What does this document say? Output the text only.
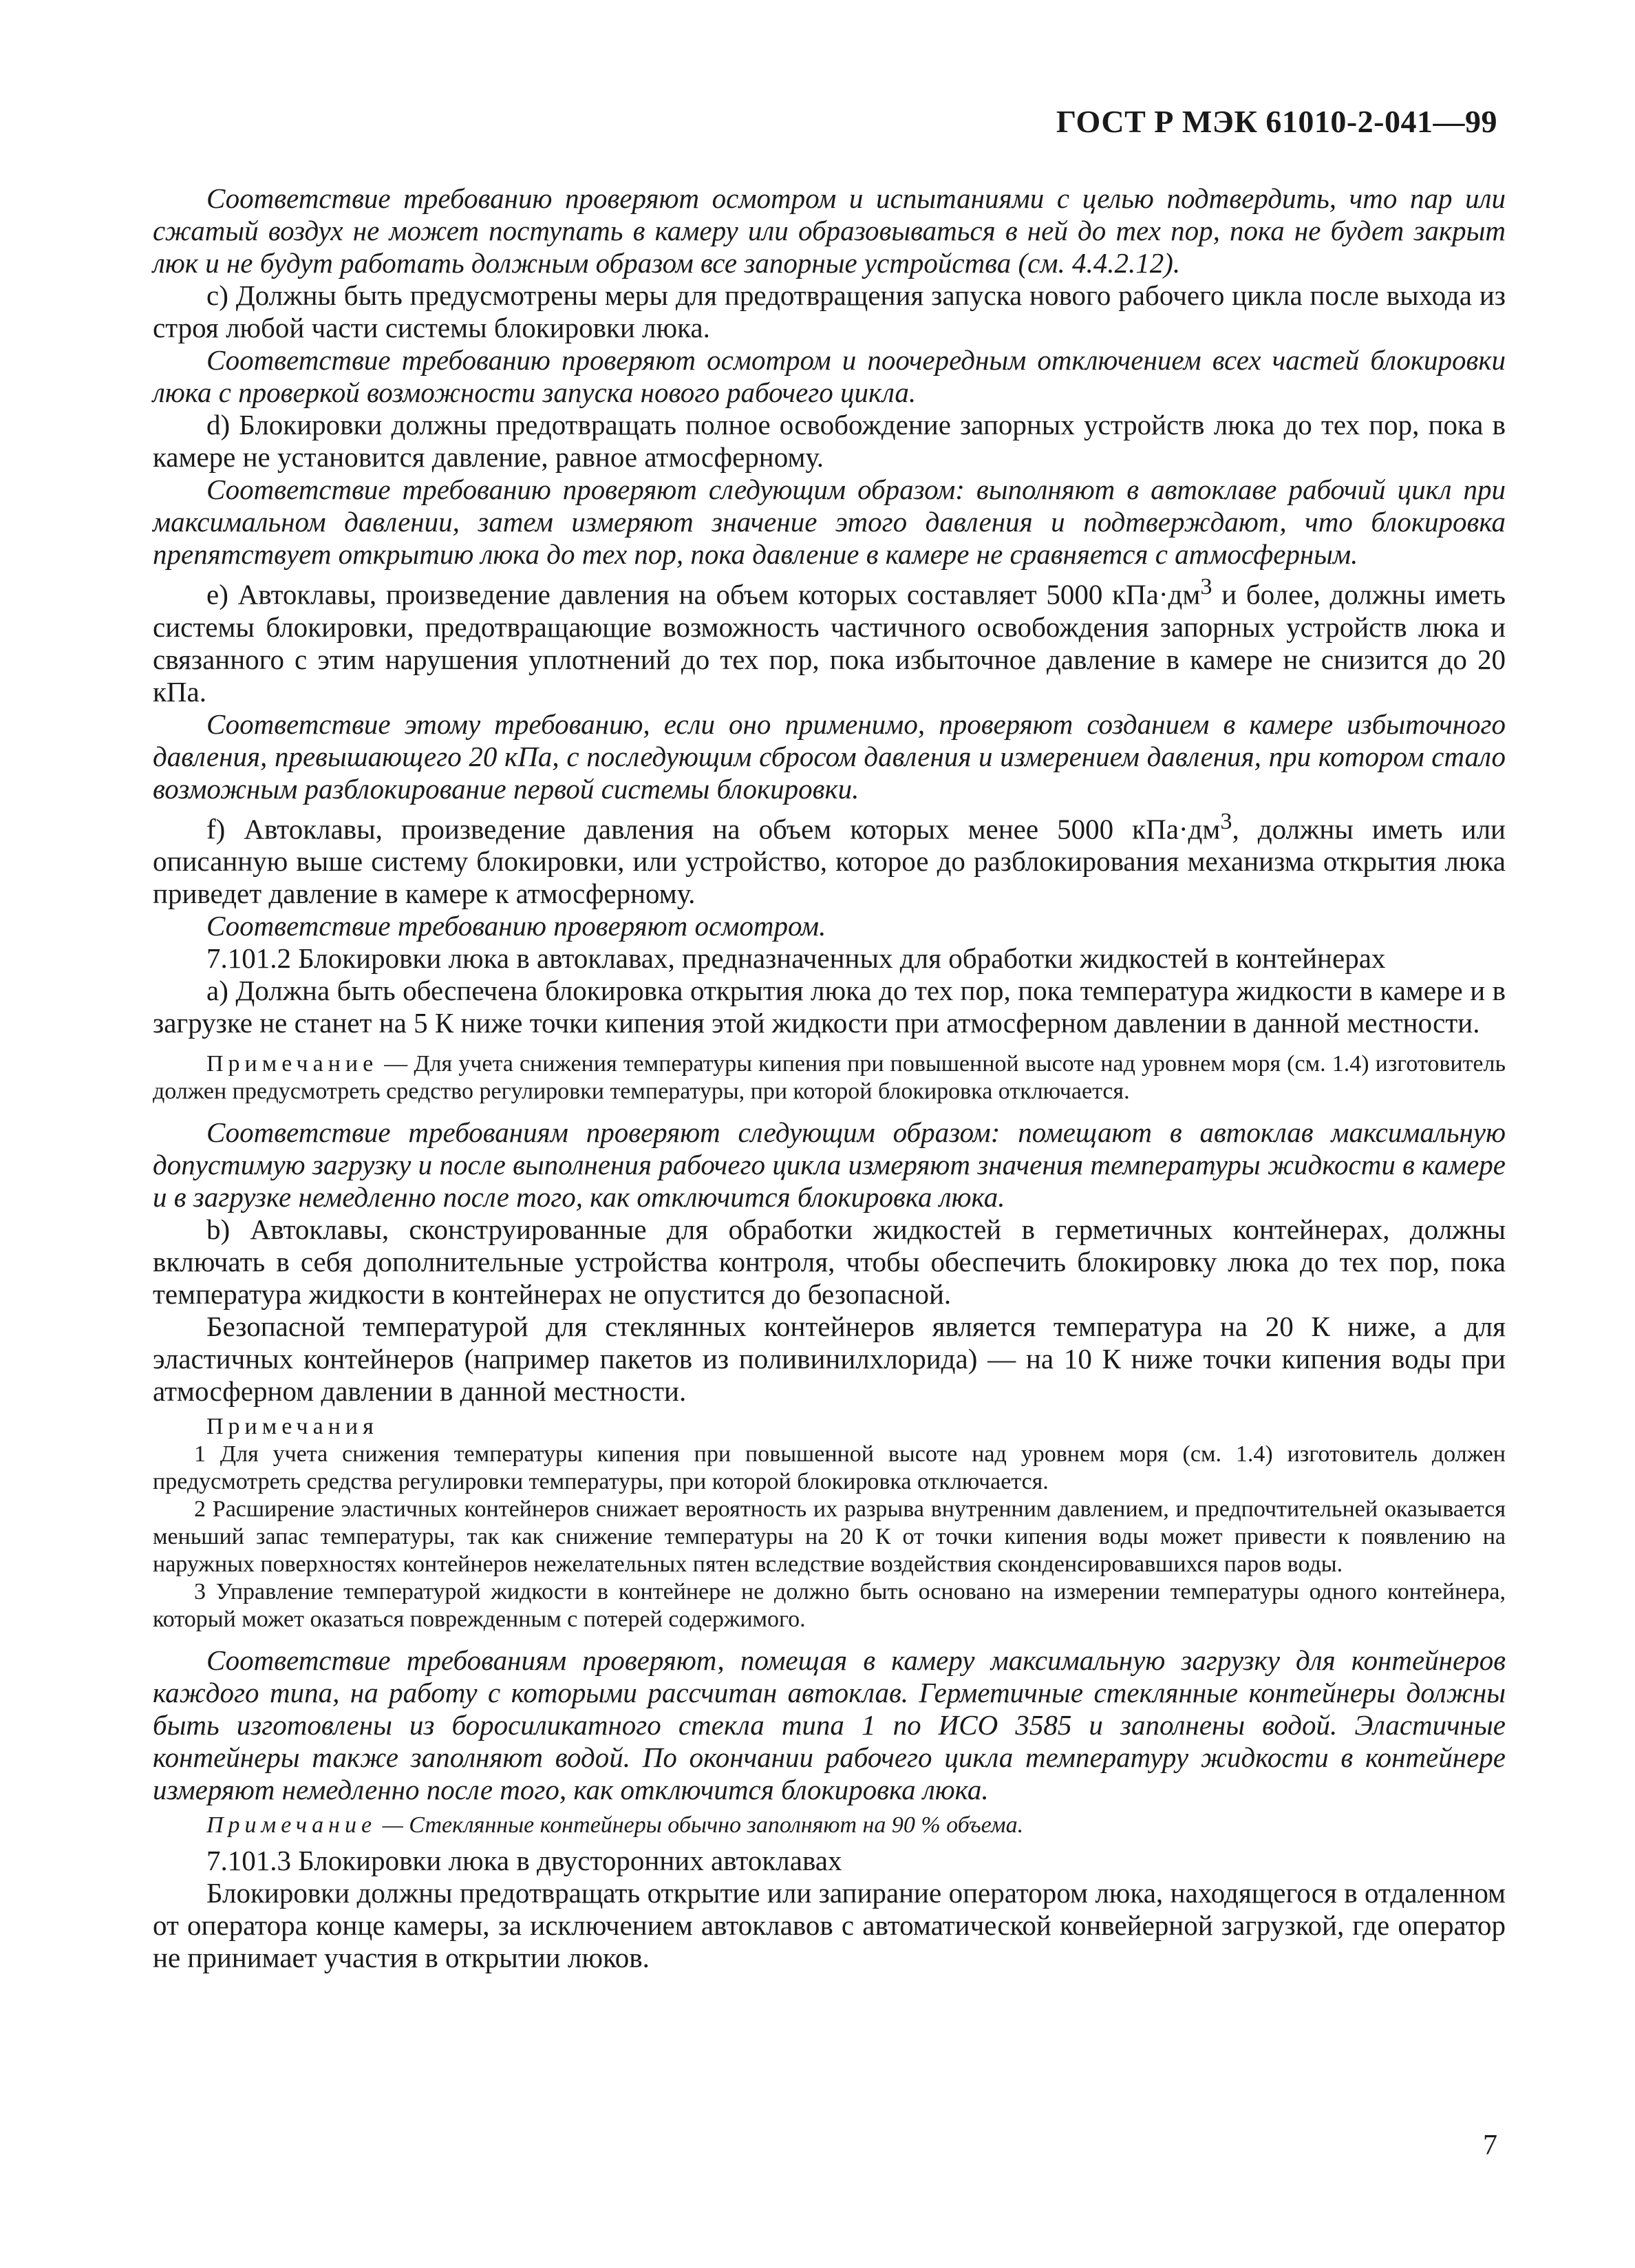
ГОСТ Р МЭК 61010-2-041—99

Соответствие требованию проверяют осмотром и испытаниями с целью подтвердить, что пар или сжатый воздух не может поступать в камеру или образовываться в ней до тех пор, пока не будет закрыт люк и не будут работать должным образом все запорные устройства (см. 4.4.2.12).

c) Должны быть предусмотрены меры для предотвращения запуска нового рабочего цикла после выхода из строя любой части системы блокировки люка.

Соответствие требованию проверяют осмотром и поочередным отключением всех частей блокировки люка с проверкой возможности запуска нового рабочего цикла.

d) Блокировки должны предотвращать полное освобождение запорных устройств люка до тех пор, пока в камере не установится давление, равное атмосферному.

Соответствие требованию проверяют следующим образом: выполняют в автоклаве рабочий цикл при максимальном давлении, затем измеряют значение этого давления и подтверждают, что блокировка препятствует открытию люка до тех пор, пока давление в камере не сравняется с атмосферным.

e) Автоклавы, произведение давления на объем которых составляет 5000 $кПа\cdot дм^3$ и более, должны иметь системы блокировки, предотвращающие возможность частичного освобождения запорных устройств люка и связанного с этим нарушения уплотнений до тех пор, пока избыточное давление в камере не снизится до 20 кПа.

Соответствие этому требованию, если оно применимо, проверяют созданием в камере избыточного давления, превышающего 20 кПа, с последующим сбросом давления и измерением давления, при котором стало возможным разблокирование первой системы блокировки.

f) Автоклавы, произведение давления на объем которых менее 5000 $кПа\cdot дм^3$, должны иметь или описанную выше систему блокировки, или устройство, которое до разблокирования механизма открытия люка приведет давление в камере к атмосферному.

Соответствие требованию проверяют осмотром.

7.101.2 Блокировки люка в автоклавах, предназначенных для обработки жидкостей в контейнерах

a) Должна быть обеспечена блокировка открытия люка до тех пор, пока температура жидкости в камере и в загрузке не станет на 5 К ниже точки кипения этой жидкости при атмосферном давлении в данной местности.

Примечание — Для учета снижения температуры кипения при повышенной высоте над уровнем моря (см. 1.4) изготовитель должен предусмотреть средство регулировки температуры, при которой блокировка отключается.

Соответствие требованиям проверяют следующим образом: помещают в автоклав максимальную допустимую загрузку и после выполнения рабочего цикла измеряют значения температуры жидкости в камере и в загрузке немедленно после того, как отключится блокировка люка.

b) Автоклавы, сконструированные для обработки жидкостей в герметичных контейнерах, должны включать в себя дополнительные устройства контроля, чтобы обеспечить блокировку люка до тех пор, пока температура жидкости в контейнерах не опустится до безопасной.

Безопасной температурой для стеклянных контейнеров является температура на 20 К ниже, а для эластичных контейнеров (например пакетов из поливинилхлорида) — на 10 К ниже точки кипения воды при атмосферном давлении в данной местности.

Примечания

1 Для учета снижения температуры кипения при повышенной высоте над уровнем моря (см. 1.4) изготовитель должен предусмотреть средства регулировки температуры, при которой блокировка отключается.

2 Расширение эластичных контейнеров снижает вероятность их разрыва внутренним давлением, и предпочтительней оказывается меньший запас температуры, так как снижение температуры на 20 К от точки кипения воды может привести к появлению на наружных поверхностях контейнеров нежелательных пятен вследствие воздействия сконденсировавшихся паров воды.

3 Управление температурой жидкости в контейнере не должно быть основано на измерении температуры одного контейнера, который может оказаться поврежденным с потерей содержимого.

Соответствие требованиям проверяют, помещая в камеру максимальную загрузку для контейнеров каждого типа, на работу с которыми рассчитан автоклав. Герметичные стеклянные контейнеры должны быть изготовлены из боросиликатного стекла типа 1 по ИСО 3585 и заполнены водой. Эластичные контейнеры также заполняют водой. По окончании рабочего цикла температуру жидкости в контейнере измеряют немедленно после того, как отключится блокировка люка.

Примечание — Стеклянные контейнеры обычно заполняют на 90 % объема.

7.101.3 Блокировки люка в двусторонних автоклавах

Блокировки должны предотвращать открытие или запирание оператором люка, находящегося в отдаленном от оператора конце камеры, за исключением автоклавов с автоматической конвейерной загрузкой, где оператор не принимает участия в открытии люков.

7
